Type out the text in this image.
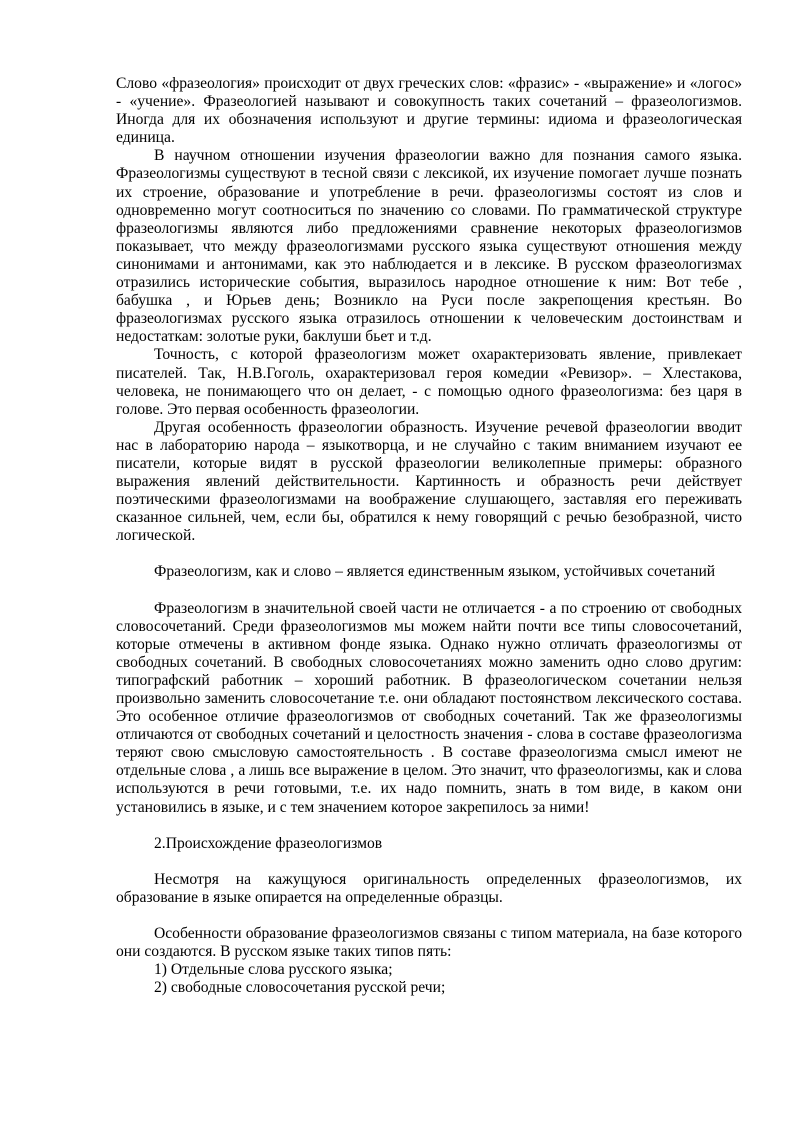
Слово «фразеология» происходит от двух греческих слов: «фразис» - «выражение» и «логос» - «учение». Фразеологией называют и совокупность таких сочетаний – фразеологизмов. Иногда для их обозначения используют и другие термины: идиома и фразеологическая единица.

В научном отношении изучения фразеологии важно для познания самого языка. Фразеологизмы существуют в тесной связи с лексикой, их изучение помогает лучше познать их строение, образование и употребление в речи. фразеологизмы состоят из слов и одновременно могут соотноситься по значению со словами. По грамматической структуре фразеологизмы являются либо предложениями сравнение некоторых фразеологизмов показывает, что между фразеологизмами русского языка существуют отношения между синонимами и антонимами, как это наблюдается и в лексике. В русском фразеологизмах отразились исторические события, выразилось народное отношение к ним: Вот тебе , бабушка , и Юрьев день; Возникло на Руси после закрепощения крестьян. Во фразеологизмах русского языка отразилось отношении к человеческим достоинствам и недостаткам: золотые руки, баклуши бьет и т.д.

Точность, с которой фразеологизм может охарактеризовать явление, привлекает писателей. Так, Н.В.Гоголь, охарактеризовал героя комедии «Ревизор». – Хлестакова, человека, не понимающего что он делает, - с помощью одного фразеологизма: без царя в голове. Это первая особенность фразеологии.

Другая особенность фразеологии образность. Изучение речевой фразеологии вводит нас в лабораторию народа – языкотворца, и не случайно с таким вниманием изучают ее писатели, которые видят в русской фразеологии великолепные примеры: образного выражения явлений действительности. Картинность и образность речи действует поэтическими фразеологизмами на воображение слушающего, заставляя его переживать сказанное сильней, чем, если бы, обратился к нему говорящий с речью безобразной, чисто логической.

Фразеологизм, как и слово – является единственным языком, устойчивых сочетаний

Фразеологизм в значительной своей части не отличается - а по строению от свободных словосочетаний. Среди фразеологизмов мы можем найти почти все типы словосочетаний, которые отмечены в активном фонде языка. Однако нужно отличать фразеологизмы от свободных сочетаний. В свободных словосочетаниях можно заменить одно слово другим: типографский работник – хороший работник. В фразеологическом сочетании нельзя произвольно заменить словосочетание т.е. они обладают постоянством лексического состава. Это особенное отличие фразеологизмов от свободных сочетаний. Так же фразеологизмы отличаются от свободных сочетаний и целостность значения - слова в составе фразеологизма теряют свою смысловую самостоятельность . В составе фразеологизма смысл имеют не отдельные слова , а лишь все выражение в целом. Это значит, что фразеологизмы, как и слова используются в речи готовыми, т.е. их надо помнить, знать в том виде, в каком они установились в языке, и с тем значением которое закрепилось за ними!

2.Происхождение фразеологизмов

Несмотря на кажущуюся оригинальность определенных фразеологизмов, их образование в языке опирается на определенные образцы.

Особенности образование фразеологизмов связаны с типом материала, на базе которого они создаются. В русском языке таких типов пять:

1) Отдельные слова русского языка;

2) свободные словосочетания русской речи;
